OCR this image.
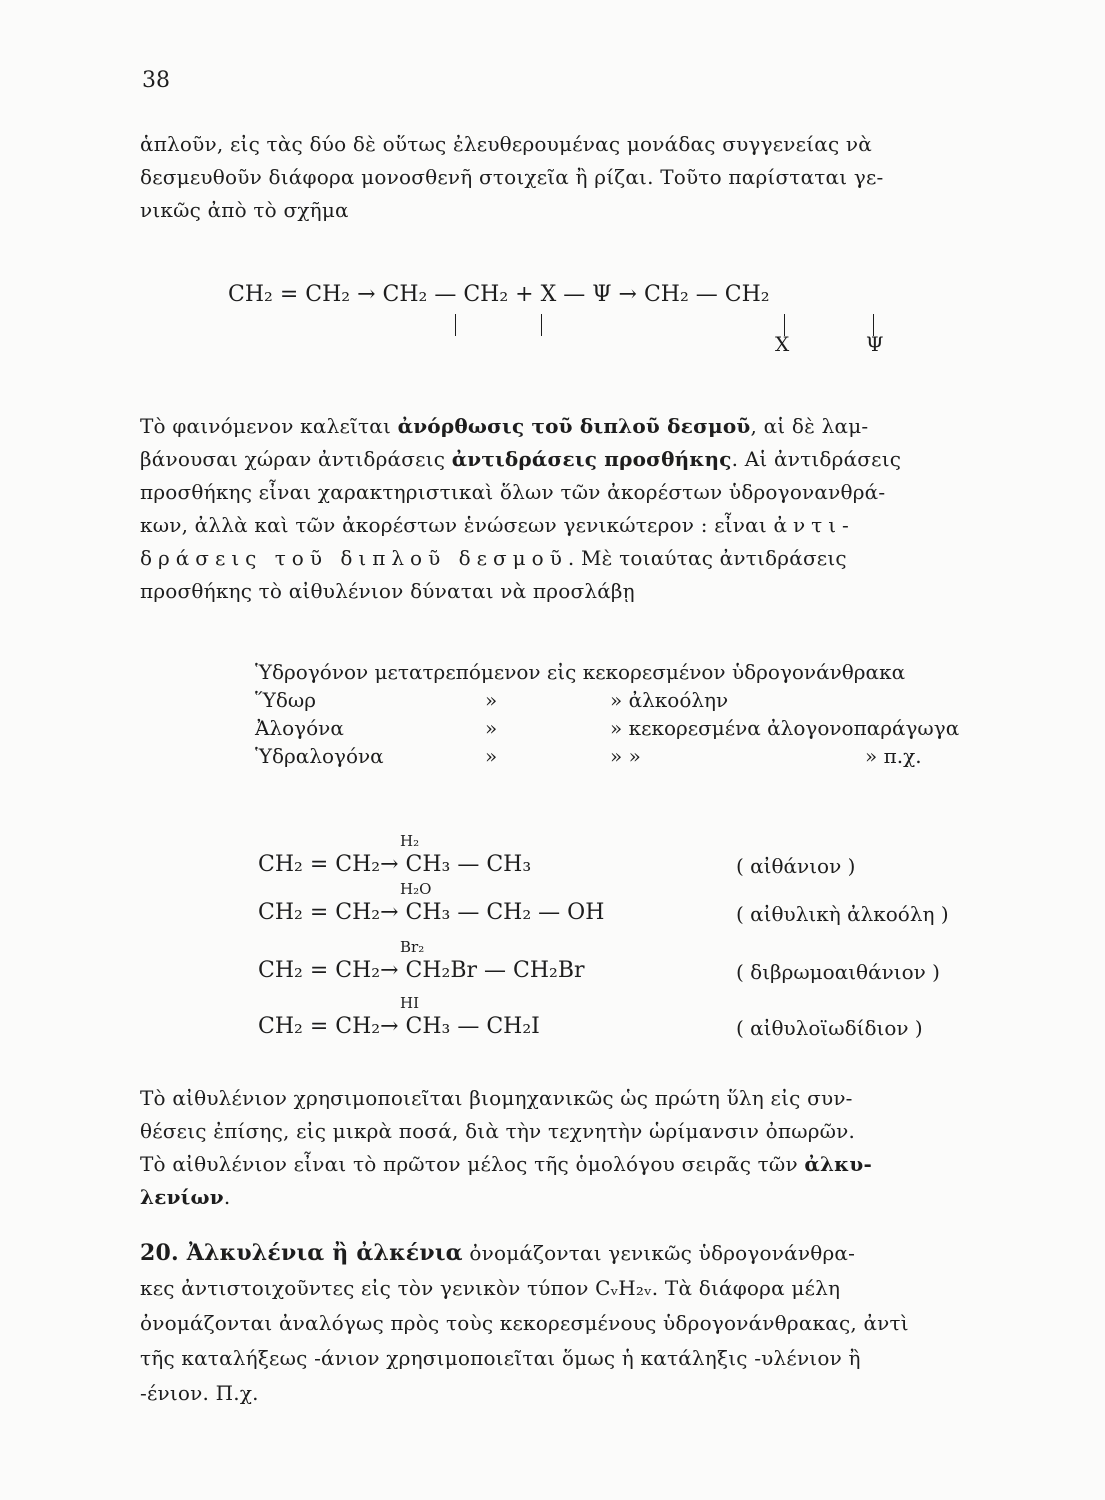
38
ἁπλοῦν, εἰς τὰς δύο δὲ οὕτως ἐλευθερουμένας μονάδας συγγενείας νὰ
δεσμευθοῦν διάφορα μονοσθενῆ στοιχεῖα ἢ ρίζαι. Τοῦτο παρίσταται γε-
νικῶς ἀπὸ τὸ σχῆμα
CH₂ = CH₂ → CH₂ — CH₂ + X — Ψ → CH₂ — CH₂
X	Ψ
Τὸ φαινόμενον καλεῖται ἀνόρθωσις τοῦ διπλοῦ δεσμοῦ, αἱ δὲ λαμ-
βάνουσαι χώραν ἀντιδράσεις ἀντιδράσεις προσθήκης. Αἱ ἀντιδράσεις
προσθήκης εἶναι χαρακτηριστικαὶ ὅλων τῶν ἀκορέστων ὑδρογονανθρά-
κων, ἀλλὰ καὶ τῶν ἀκορέστων ἑνώσεων γενικώτερον : εἶναι ἀντι-
δράσεις τοῦ διπλοῦ δεσμοῦ. Μὲ τοιαύτας ἀντιδράσεις
προσθήκης τὸ αἰθυλένιον δύναται νὰ προσλάβῃ
Ὑδρογόνον μετατρεπόμενον εἰς κεκορεσμένον ὑδρογονάνθρακα
Ὕδωρ	»	» ἀλκοόλην
Ἀλογόνα	»	» κεκορεσμένα ἀλογονοπαράγωγα
Ὑδραλογόνα	»	» »	» π.χ.
H₂
CH₂ = CH₂→ CH₃ — CH₃	( αἰθάνιον )
H₂O
CH₂ = CH₂→ CH₃ — CH₂ — OH	( αἰθυλικὴ ἀλκοόλη )
Br₂
CH₂ = CH₂→ CH₂Br — CH₂Br	( διβρωμοαιθάνιον )
HI
CH₂ = CH₂→ CH₃ — CH₂I	( αἰθυλοϊωδίδιον )
Τὸ αἰθυλένιον χρησιμοποιεῖται βιομηχανικῶς ὡς πρώτη ὕλη εἰς συν-
θέσεις ἐπίσης, εἰς μικρὰ ποσά, διὰ τὴν τεχνητὴν ὡρίμανσιν ὀπωρῶν.
Τὸ αἰθυλένιον εἶναι τὸ πρῶτον μέλος τῆς ὁμολόγου σειρᾶς τῶν ἀλκυ-
λενίων.
20. Ἀλκυλένια ἢ ἀλκένια ὀνομάζονται γενικῶς ὑδρογονάνθρα-
κες ἀντιστοιχοῦντες εἰς τὸν γενικὸν τύπον CᵥH₂ᵥ. Τὰ διάφορα μέλη
ὀνομάζονται ἀναλόγως πρὸς τοὺς κεκορεσμένους ὑδρογονάνθρακας, ἀντὶ
τῆς καταλήξεως -άνιον χρησιμοποιεῖται ὅμως ἡ κατάληξις -υλένιον ἢ
-ένιον. Π.χ.
